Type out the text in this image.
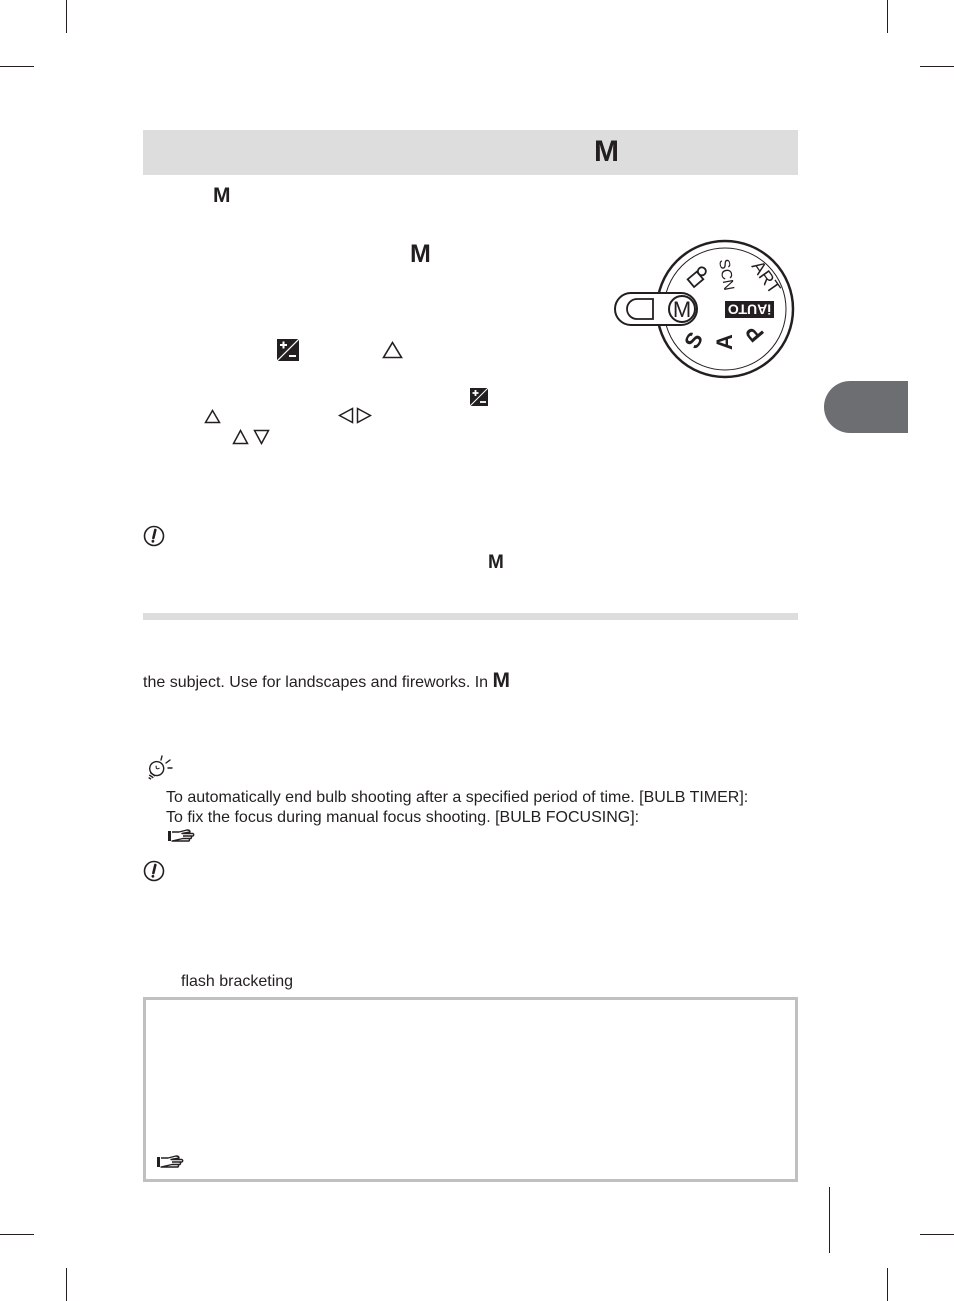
M
M
M
M
SCN ART
iAUTO
P
A
S
M
the subject. Use for landscapes and fireworks. In M
To automatically end bulb shooting after a specified period of time. [BULB TIMER]:
To fix the focus during manual focus shooting. [BULB FOCUSING]:
flash bracketing
